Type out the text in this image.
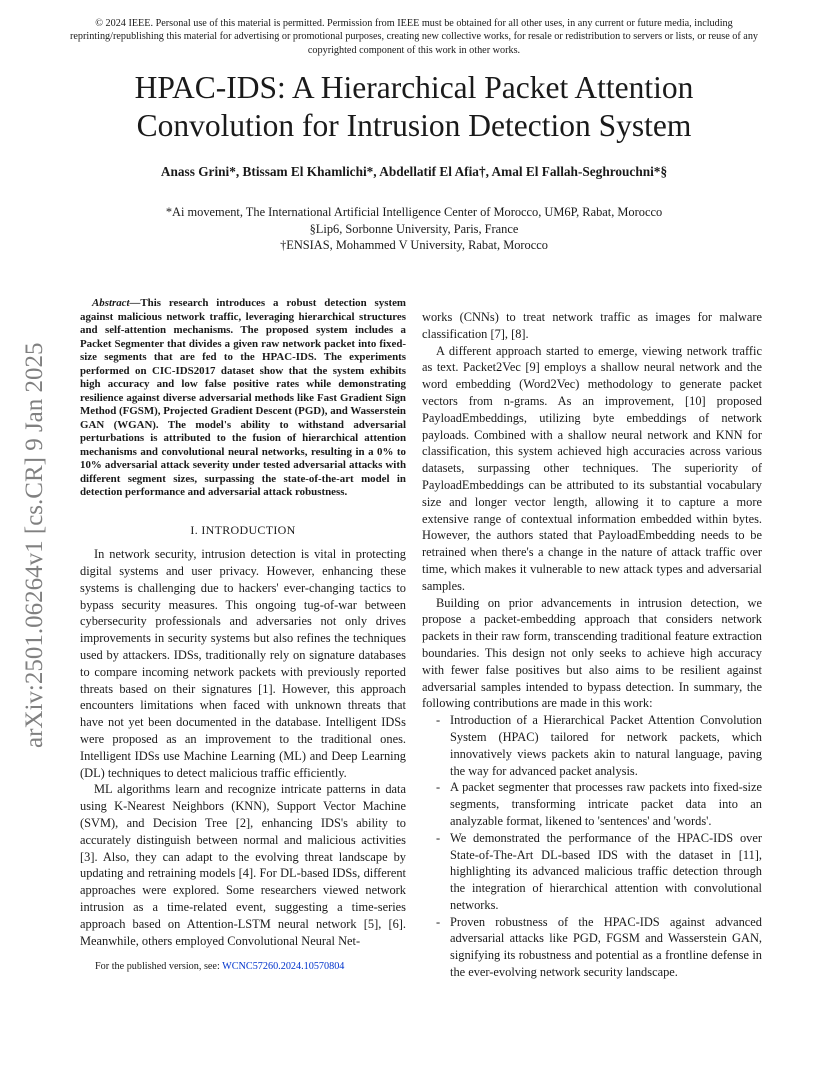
© 2024 IEEE. Personal use of this material is permitted. Permission from IEEE must be obtained for all other uses, in any current or future media, including reprinting/republishing this material for advertising or promotional purposes, creating new collective works, for resale or redistribution to servers or lists, or reuse of any copyrighted component of this work in other works.
HPAC-IDS: A Hierarchical Packet Attention
Convolution for Intrusion Detection System
Anass Grini*, Btissam El Khamlichi*, Abdellatif El Afia†, Amal El Fallah-Seghrouchni*§
*Ai movement, The International Artificial Intelligence Center of Morocco, UM6P, Rabat, Morocco
§Lip6, Sorbonne University, Paris, France
†ENSIAS, Mohammed V University, Rabat, Morocco
arXiv:2501.06264v1 [cs.CR] 9 Jan 2025

Abstract—This research introduces a robust detection system against malicious network traffic, leveraging hierarchical structures and self-attention mechanisms. The proposed system includes a Packet Segmenter that divides a given raw network packet into fixed-size segments that are fed to the HPAC-IDS. The experiments performed on CIC-IDS2017 dataset show that the system exhibits high accuracy and low false positive rates while demonstrating resilience against diverse adversarial methods like Fast Gradient Sign Method (FGSM), Projected Gradient Descent (PGD), and Wasserstein GAN (WGAN). The model's ability to withstand adversarial perturbations is attributed to the fusion of hierarchical attention mechanisms and convolutional neural networks, resulting in a 0% to 10% adversarial attack severity under tested adversarial attacks with different segment sizes, surpassing the state-of-the-art model in detection performance and adversarial attack robustness.

I. INTRODUCTION

In network security, intrusion detection is vital in protecting digital systems and user privacy. However, enhancing these systems is challenging due to hackers' ever-changing tactics to bypass security measures. This ongoing tug-of-war between cybersecurity professionals and adversaries not only drives improvements in security systems but also refines the techniques used by attackers. IDSs, traditionally rely on signature databases to compare incoming network packets with previously reported threats based on their signatures [1]. However, this approach encounters limitations when faced with unknown threats that have not yet been documented in the database. Intelligent IDSs were proposed as an improvement to the traditional ones. Intelligent IDSs use Machine Learning (ML) and Deep Learning (DL) techniques to detect malicious traffic efficiently.

ML algorithms learn and recognize intricate patterns in data using K-Nearest Neighbors (KNN), Support Vector Machine (SVM), and Decision Tree [2], enhancing IDS's ability to accurately distinguish between normal and malicious activities [3]. Also, they can adapt to the evolving threat landscape by updating and retraining models [4]. For DL-based IDSs, different approaches were explored. Some researchers viewed network intrusion as a time-related event, suggesting a time-series approach based on Attention-LSTM neural network [5], [6]. Meanwhile, others employed Convolutional Neural Net-

works (CNNs) to treat network traffic as images for malware classification [7], [8].

A different approach started to emerge, viewing network traffic as text. Packet2Vec [9] employs a shallow neural network and the word embedding (Word2Vec) methodology to generate packet vectors from n-grams. As an improvement, [10] proposed PayloadEmbeddings, utilizing byte embeddings of network payloads. Combined with a shallow neural network and KNN for classification, this system achieved high accuracies across various datasets, surpassing other techniques. The superiority of PayloadEmbeddings can be attributed to its substantial vocabulary size and longer vector length, allowing it to capture a more extensive range of contextual information embedded within bytes. However, the authors stated that PayloadEmbedding needs to be retrained when there's a change in the nature of attack traffic over time, which makes it vulnerable to new attack types and adversarial samples.

Building on prior advancements in intrusion detection, we propose a packet-embedding approach that considers network packets in their raw form, transcending traditional feature extraction boundaries. This design not only seeks to achieve high accuracy with fewer false positives but also aims to be resilient against adversarial samples intended to bypass detection. In summary, the following contributions are made in this work:

- Introduction of a Hierarchical Packet Attention Convolution System (HPAC) tailored for network packets, which innovatively views packets akin to natural language, paving the way for advanced packet analysis.
- A packet segmenter that processes raw packets into fixed-size segments, transforming intricate packet data into an analyzable format, likened to 'sentences' and 'words'.
- We demonstrated the performance of the HPAC-IDS over State-of-The-Art DL-based IDS with the dataset in [11], highlighting its advanced malicious traffic detection through the integration of hierarchical attention with convolutional networks.
- Proven robustness of the HPAC-IDS against advanced adversarial attacks like PGD, FGSM and Wasserstein GAN, signifying its robustness and potential as a frontline defense in the ever-evolving network security landscape.
For the published version, see: WCNC57260.2024.10570804
